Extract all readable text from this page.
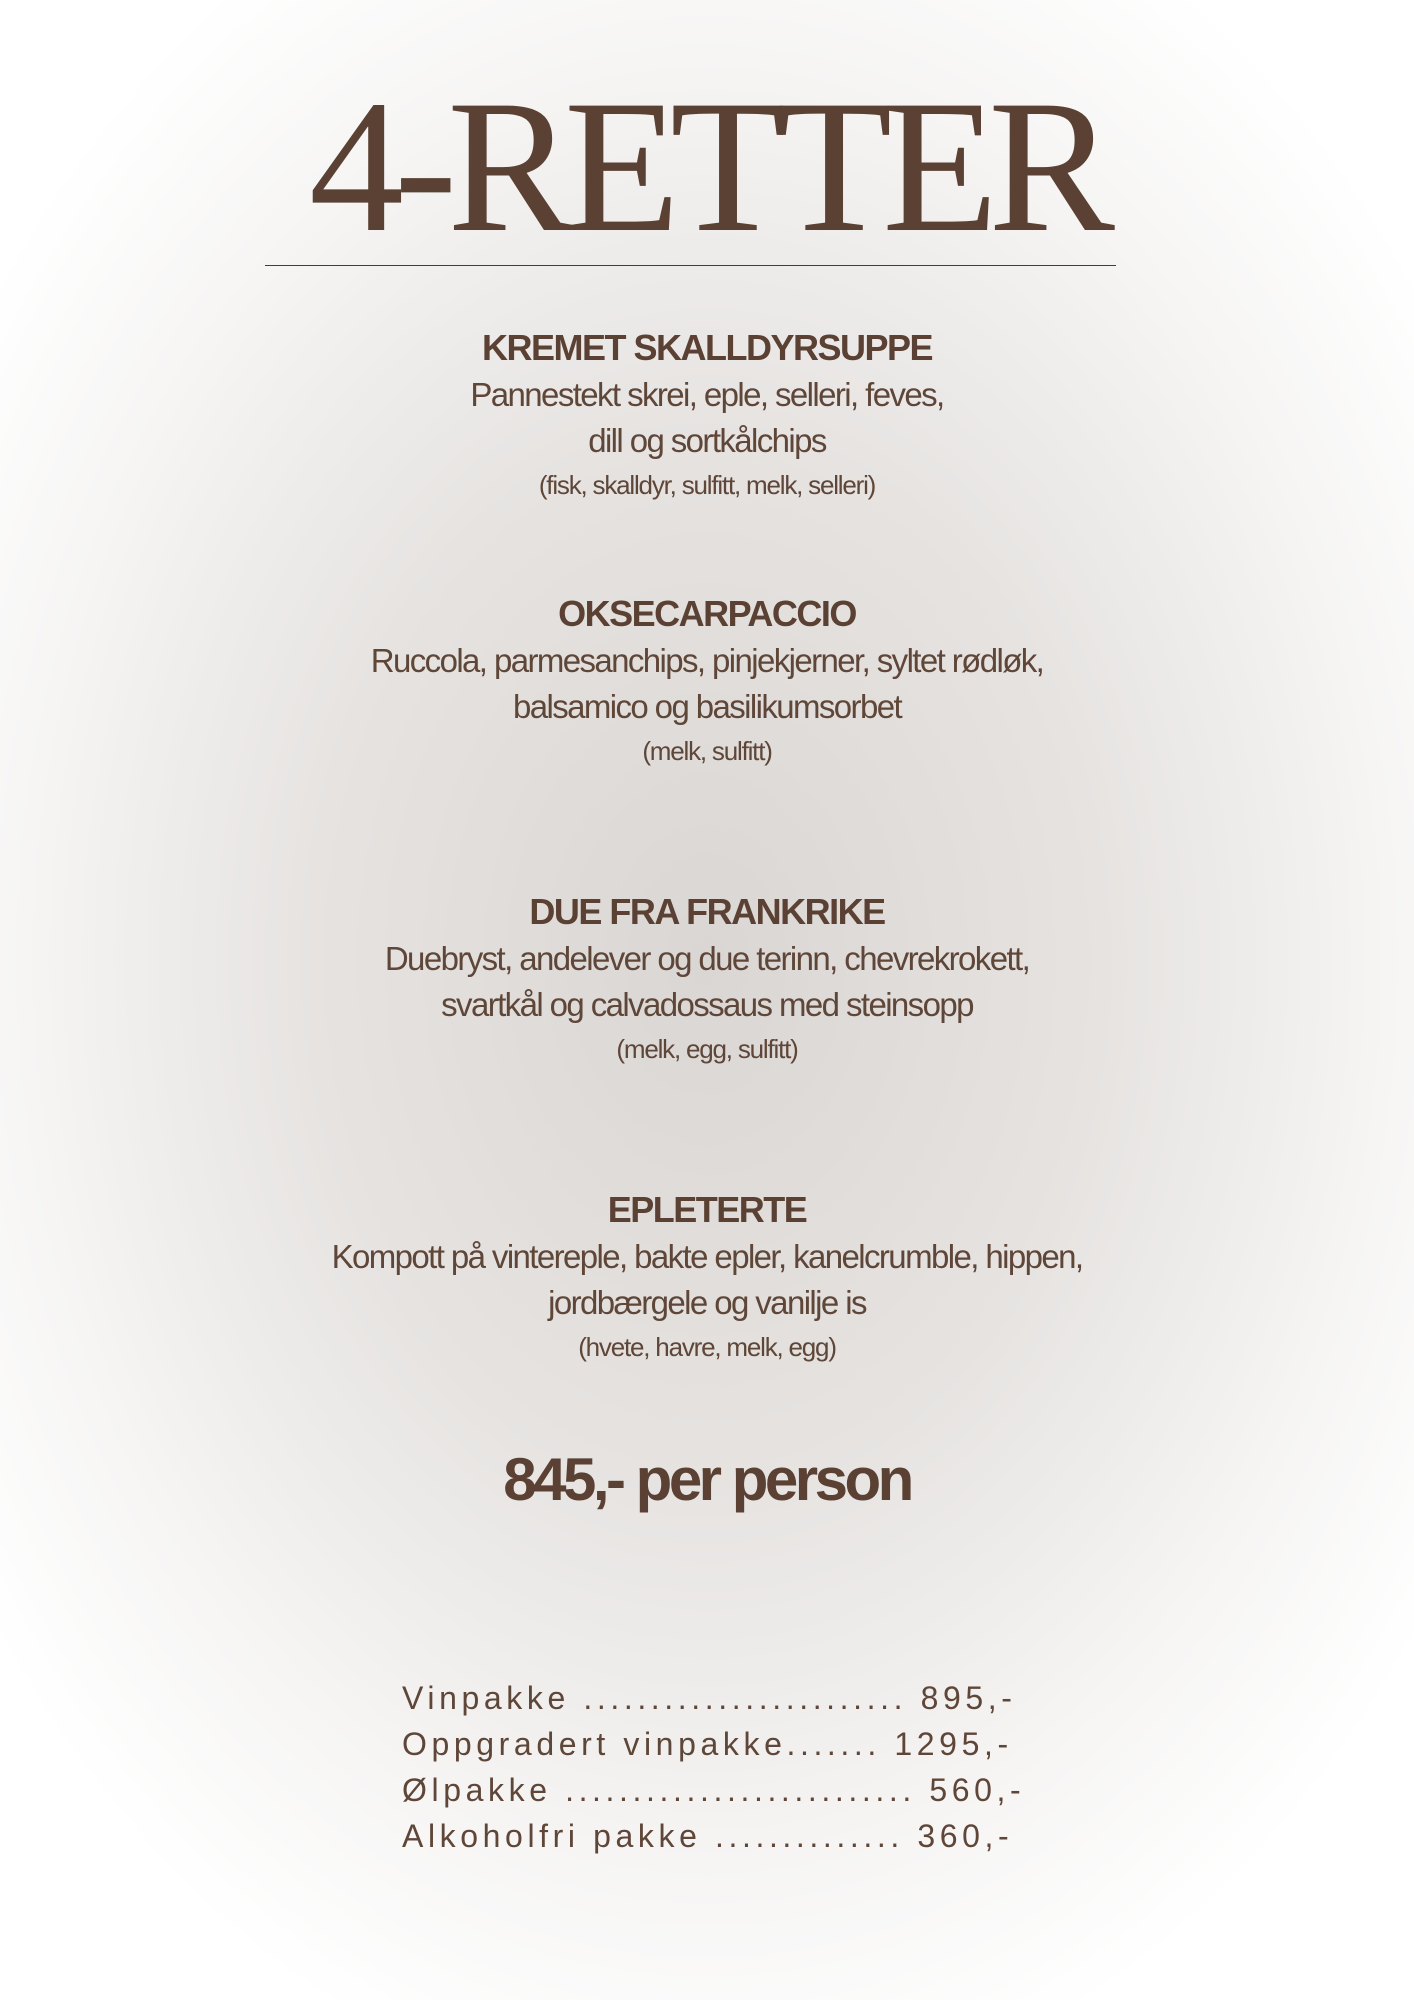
4-RETTER

KREMET SKALLDYRSUPPE

Pannestekt skrei, eple, selleri, feves,

dill og sortkålchips

(fisk, skalldyr, sulfitt, melk, selleri)

OKSECARPACCIO

Ruccola, parmesanchips, pinjekjerner, syltet rødløk,

balsamico og basilikumsorbet

(melk, sulfitt)

DUE FRA FRANKRIKE

Duebryst, andelever og due terinn, chevrekrokett,

svartkål og calvadossaus med steinsopp

(melk, egg, sulfitt)

EPLETERTE

Kompott på vintereple, bakte epler, kanelcrumble, hippen,

jordbærgele og vanilje is

(hvete, havre, melk, egg)

845,- per person
Vinpakke ........................ 895,-
Oppgradert vinpakke....... 1295,-
Ølpakke .......................... 560,-
Alkoholfri pakke .............. 360,-
